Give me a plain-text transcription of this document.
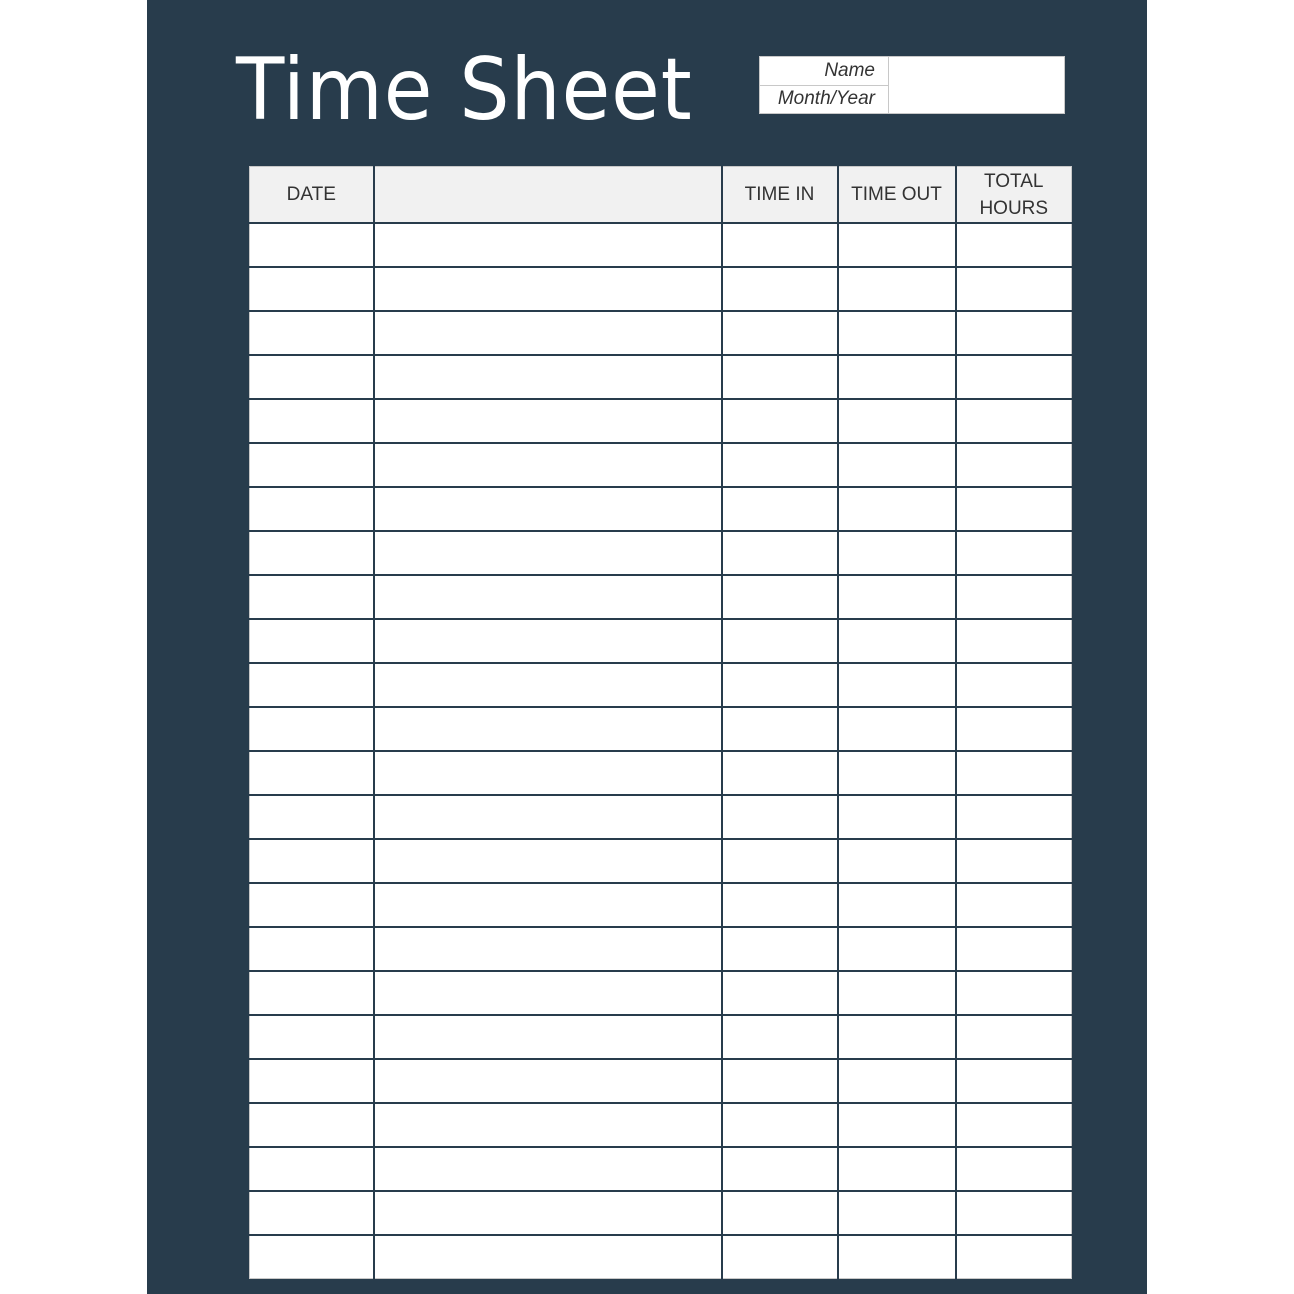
Time Sheet	Name
Month/Year
DATE		TIME IN	TIME OUT	TOTAL
HOURS
